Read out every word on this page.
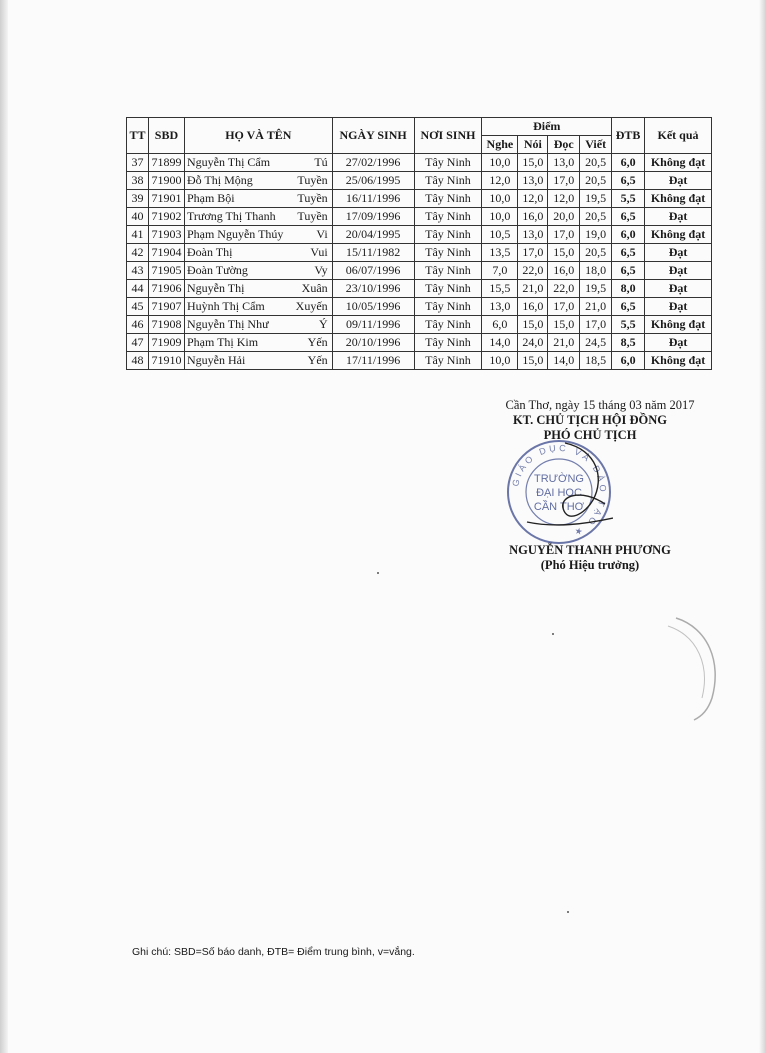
TT	SBD	HỌ VÀ TÊN	NGÀY SINH	NƠI SINH	Điểm				ĐTB	Kết quả
					Nghe	Nói	Đọc	Viết		
37	71899	Nguyễn Thị Cẩm Tú	27/02/1996	Tây Ninh	10,0	15,0	13,0	20,5	6,0	Không đạt
38	71900	Đỗ Thị Mộng Tuyền	25/06/1995	Tây Ninh	12,0	13,0	17,0	20,5	6,5	Đạt
39	71901	Phạm Bội Tuyền	16/11/1996	Tây Ninh	10,0	12,0	12,0	19,5	5,5	Không đạt
40	71902	Trương Thị Thanh Tuyền	17/09/1996	Tây Ninh	10,0	16,0	20,0	20,5	6,5	Đạt
41	71903	Phạm Nguyễn Thúy Vi	20/04/1995	Tây Ninh	10,5	13,0	17,0	19,0	6,0	Không đạt
42	71904	Đoàn Thị Vui	15/11/1982	Tây Ninh	13,5	17,0	15,0	20,5	6,5	Đạt
43	71905	Đoàn Tường Vy	06/07/1996	Tây Ninh	7,0	22,0	16,0	18,0	6,5	Đạt
44	71906	Nguyễn Thị Xuân	23/10/1996	Tây Ninh	15,5	21,0	22,0	19,5	8,0	Đạt
45	71907	Huỳnh Thị Cẩm Xuyến	10/05/1996	Tây Ninh	13,0	16,0	17,0	21,0	6,5	Đạt
46	71908	Nguyễn Thị Như Ý	09/11/1996	Tây Ninh	6,0	15,0	15,0	17,0	5,5	Không đạt
47	71909	Phạm Thị Kim Yến	20/10/1996	Tây Ninh	14,0	24,0	21,0	24,5	8,5	Đạt
48	71910	Nguyễn Hải Yến	17/11/1996	Tây Ninh	10,0	15,0	14,0	18,5	6,0	Không đạt
Cần Thơ, ngày 15 tháng 03 năm 2017
KT. CHỦ TỊCH HỘI ĐỒNG
PHÓ CHỦ TỊCH
NGUYỄN THANH PHƯƠNG
(Phó Hiệu trưởng)
GIÁO DỤC VÀ ĐÀO TẠO ★
TRƯỜNG
ĐẠI HỌC
CẦN THƠ
Ghi chú: SBD=Số báo danh, ĐTB= Điểm trung bình, v=vắng.
